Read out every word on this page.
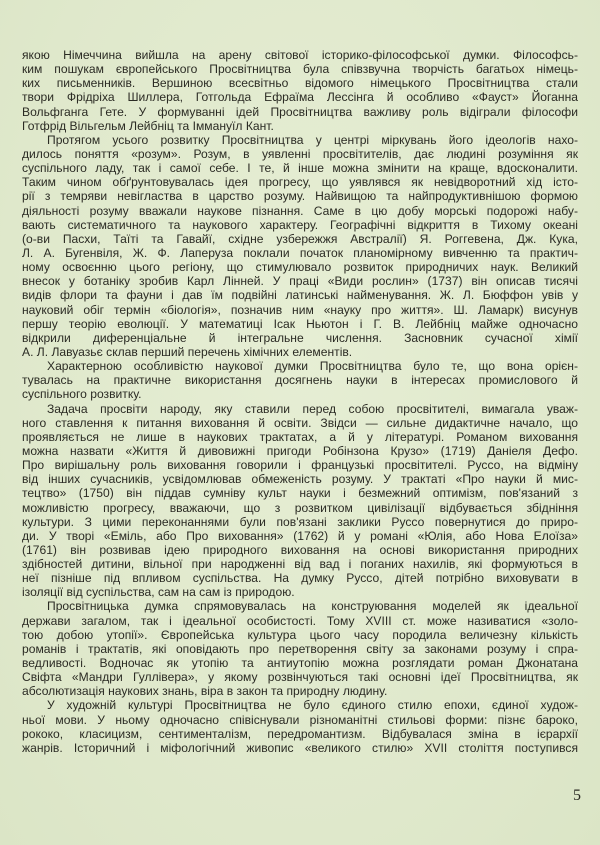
якою Німеччина вийшла на арену світової історико-філософської думки. Філософсь-
ким пошукам європейського Просвітництва була співзвучна творчість багатьох німець-
ких письменників. Вершиною всесвітньо відомого німецького Просвітництва стали
твори Фрідріха Шиллера, Готгольда Ефраїма Лессінга й особливо «Фауст» Йоганна
Вольфганга Гете. У формуванні ідей Просвітництва важливу роль відіграли філософи
Готфрід Вільгельм Лейбніц та Іммануїл Кант.
Протягом усього розвитку Просвітництва у центрі міркувань його ідеологів нахо-
дилось поняття «розум». Розум, в уявленні просвітителів, дає людині розуміння як
суспільного ладу, так і самої себе. І те, й інше можна змінити на краще, вдосконалити.
Таким чином обґрунтовувалась ідея прогресу, що уявлявся як невідворотний хід істо-
рії з темряви невігластва в царство розуму. Найвищою та найпродуктивнішою формою
діяльності розуму вважали наукове пізнання. Саме в цю добу морські подорожі набу-
вають систематичного та наукового характеру. Географічні відкриття в Тихому океані
(о-ви Пасхи, Таїті та Гавайї, східне узбережжя Австралії) Я. Роггевена, Дж. Кука,
Л. А. Бугенвіля, Ж. Ф. Лаперуза поклали початок планомірному вивченню та практич-
ному освоєнню цього регіону, що стимулювало розвиток природничих наук. Великий
внесок у ботаніку зробив Карл Лінней. У праці «Види рослин» (1737) він описав тисячі
видів флори та фауни і дав їм подвійні латинські найменування. Ж. Л. Бюффон увів у
науковий обіг термін «біологія», позначив ним «науку про життя». Ш. Ламарк) висунув
першу теорію еволюції. У математиці Ісак Ньютон і Г. В. Лейбніц майже одночасно
відкрили диференціальне й інтегральне числення. Засновник сучасної хімії
А. Л. Лавуазьє склав перший перечень хімічних елементів.
Характерною особливістю наукової думки Просвітництва було те, що вона орієн-
тувалась на практичне використання досягнень науки в інтересах промислового й
суспільного розвитку.
Задача просвіти народу, яку ставили перед собою просвітителі, вимагала уваж-
ного ставлення к питання виховання й освіти. Звідси — сильне дидактичне начало, що
проявляється не лише в наукових трактатах, а й у літературі. Романом виховання
можна назвати «Життя й дивовижні пригоди Робінзона Крузо» (1719) Даніеля Дефо.
Про вирішальну роль виховання говорили і французькі просвітителі. Руссо, на відміну
від інших сучасників, усвідомлював обмеженість розуму. У трактаті «Про науки й мис-
тецтво» (1750) він піддав сумніву культ науки і безмежний оптимізм, пов'язаний з
можливістю прогресу, вважаючи, що з розвитком цивілізації відбувається збідніння
культури. З цими переконаннями були пов'язані заклики Руссо повернутися до приро-
ди. У творі «Еміль, або Про виховання» (1762) й у романі «Юлія, або Нова Елоїза»
(1761) він розвивав ідею природного виховання на основі використання природних
здібностей дитини, вільної при народженні від вад і поганих нахилів, які формуються в
неї пізніше під впливом суспільства. На думку Руссо, дітей потрібно виховувати в
ізоляції від суспільства, сам на сам із природою.
Просвітницька думка спрямовувалась на конструювання моделей як ідеальної
держави загалом, так і ідеальної особистості. Тому XVIII ст. може називатися «золо-
тою добою утопії». Європейська культура цього часу породила величезну кількість
романів і трактатів, які оповідають про перетворення світу за законами розуму і спра-
ведливості. Водночас як утопію та антиутопію можна розглядати роман Джонатана
Свіфта «Мандри Гуллівера», у якому розвінчуються такі основні ідеї Просвітництва, як
абсолютизація наукових знань, віра в закон та природну людину.
У художній культурі Просвітництва не було єдиного стилю епохи, єдиної худож-
ньої мови. У ньому одночасно співіснували різноманітні стильові форми: пізнє бароко,
рококо, класицизм, сентименталізм, передромантизм. Відбувалася зміна в ієрархії
жанрів. Історичний і міфологічний живопис «великого стилю» XVII століття поступився
5
